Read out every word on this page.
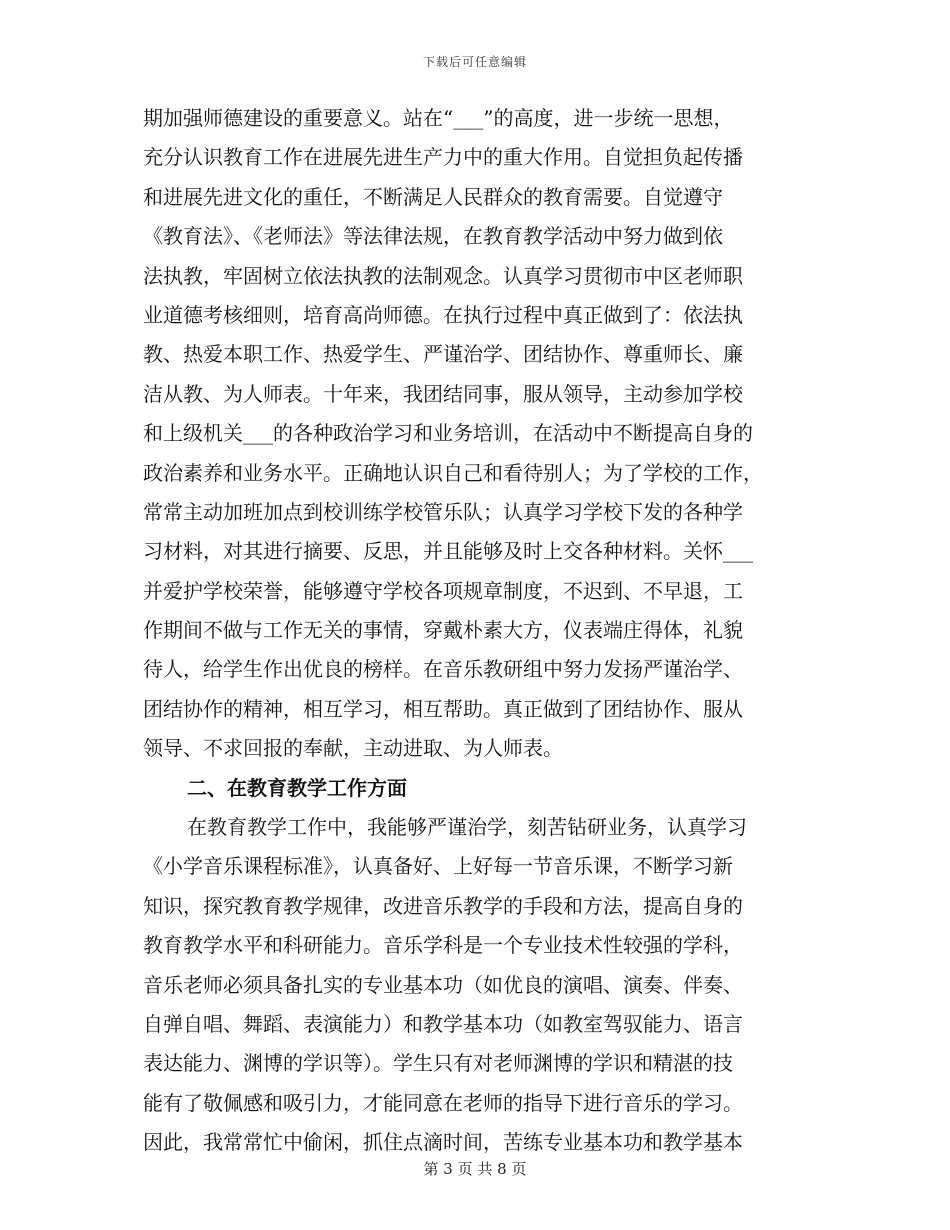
下载后可任意编辑
期加强师德建设的重要意义。站在“___”的高度，进一步统一思想，
充分认识教育工作在进展先进生产力中的重大作用。自觉担负起传播
和进展先进文化的重任，不断满足人民群众的教育需要。自觉遵守
《教育法》、《老师法》等法律法规，在教育教学活动中努力做到依
法执教，牢固树立依法执教的法制观念。认真学习贯彻市中区老师职
业道德考核细则，培育高尚师德。在执行过程中真正做到了：依法执
教、热爱本职工作、热爱学生、严谨治学、团结协作、尊重师长、廉
洁从教、为人师表。十年来，我团结同事，服从领导，主动参加学校
和上级机关___的各种政治学习和业务培训，在活动中不断提高自身的
政治素养和业务水平。正确地认识自己和看待别人；为了学校的工作，
常常主动加班加点到校训练学校管乐队；认真学习学校下发的各种学
习材料，对其进行摘要、反思，并且能够及时上交各种材料。关怀___
并爱护学校荣誉，能够遵守学校各项规章制度，不迟到、不早退，工
作期间不做与工作无关的事情，穿戴朴素大方，仪表端庄得体，礼貌
待人，给学生作出优良的榜样。在音乐教研组中努力发扬严谨治学、
团结协作的精神，相互学习，相互帮助。真正做到了团结协作、服从
领导、不求回报的奉献，主动进取、为人师表。
二、在教育教学工作方面
在教育教学工作中，我能够严谨治学，刻苦钻研业务，认真学习
《小学音乐课程标准》，认真备好、上好每一节音乐课，不断学习新
知识，探究教育教学规律，改进音乐教学的手段和方法，提高自身的
教育教学水平和科研能力。音乐学科是一个专业技术性较强的学科，
音乐老师必须具备扎实的专业基本功（如优良的演唱、演奏、伴奏、
自弹自唱、舞蹈、表演能力）和教学基本功（如教室驾驭能力、语言
表达能力、渊博的学识等）。学生只有对老师渊博的学识和精湛的技
能有了敬佩感和吸引力，才能同意在老师的指导下进行音乐的学习。
因此，我常常忙中偷闲，抓住点滴时间，苦练专业基本功和教学基本
第 3 页 共 8 页
